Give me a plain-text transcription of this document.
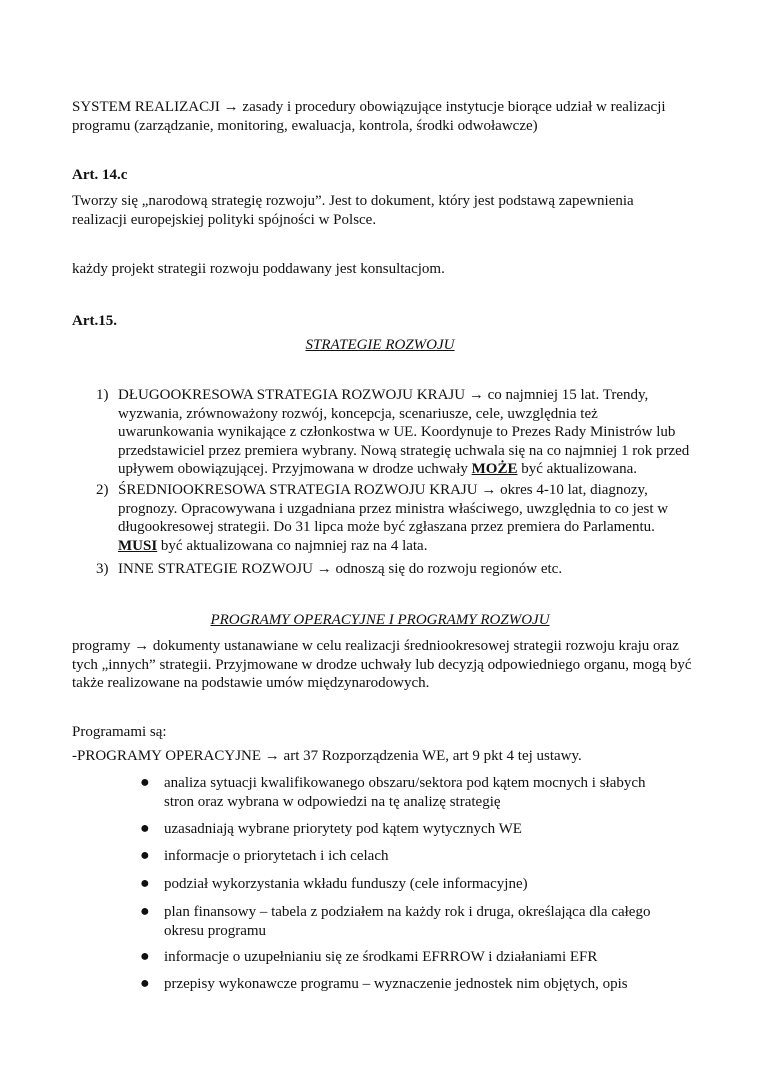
SYSTEM REALIZACJI → zasady i procedury obowiązujące instytucje biorące udział w realizacji programu (zarządzanie, monitoring, ewaluacja, kontrola, środki odwoławcze)

Art. 14.c

Tworzy się „narodową strategię rozwoju”. Jest to dokument, który jest podstawą zapewnienia realizacji europejskiej polityki spójności w Polsce.

każdy projekt strategii rozwoju poddawany jest konsultacjom.

Art.15.

STRATEGIE ROZWOJU

1) DŁUGOOKRESOWA STRATEGIA ROZWOJU KRAJU → co najmniej 15 lat. Trendy, wyzwania, zrównoważony rozwój, koncepcja, scenariusze, cele, uwzględnia też uwarunkowania wynikające z członkostwa w UE. Koordynuje to Prezes Rady Ministrów lub przedstawiciel przez premiera wybrany. Nową strategię uchwala się na co najmniej 1 rok przed upływem obowiązującej. Przyjmowana w drodze uchwały MOŻE być aktualizowana.
2) ŚREDNIOOKRESOWA STRATEGIA ROZWOJU KRAJU → okres 4-10 lat, diagnozy, prognozy. Opracowywana i uzgadniana przez ministra właściwego, uwzględnia to co jest w długookresowej strategii. Do 31 lipca może być zgłaszana przez premiera do Parlamentu. MUSI być aktualizowana co najmniej raz na 4 lata.
3) INNE STRATEGIE ROZWOJU → odnoszą się do rozwoju regionów etc.

PROGRAMY OPERACYJNE I PROGRAMY ROZWOJU

programy → dokumenty ustanawiane w celu realizacji średniookresowej strategii rozwoju kraju oraz tych „innych” strategii. Przyjmowane w drodze uchwały lub decyzją odpowiedniego organu, mogą być także realizowane na podstawie umów międzynarodowych.

Programami są:

-PROGRAMY OPERACYJNE → art 37 Rozporządzenia WE, art 9 pkt 4 tej ustawy.

● analiza sytuacji kwalifikowanego obszaru/sektora pod kątem mocnych i słabych stron oraz wybrana w odpowiedzi na tę analizę strategię
● uzasadniają wybrane priorytety pod kątem wytycznych WE
● informacje o priorytetach i ich celach
● podział wykorzystania wkładu funduszy (cele informacyjne)
● plan finansowy – tabela z podziałem na każdy rok i druga, określająca dla całego okresu programu
● informacje o uzupełnianiu się ze środkami EFRROW i działaniami EFR
● przepisy wykonawcze programu – wyznaczenie jednostek nim objętych, opis
